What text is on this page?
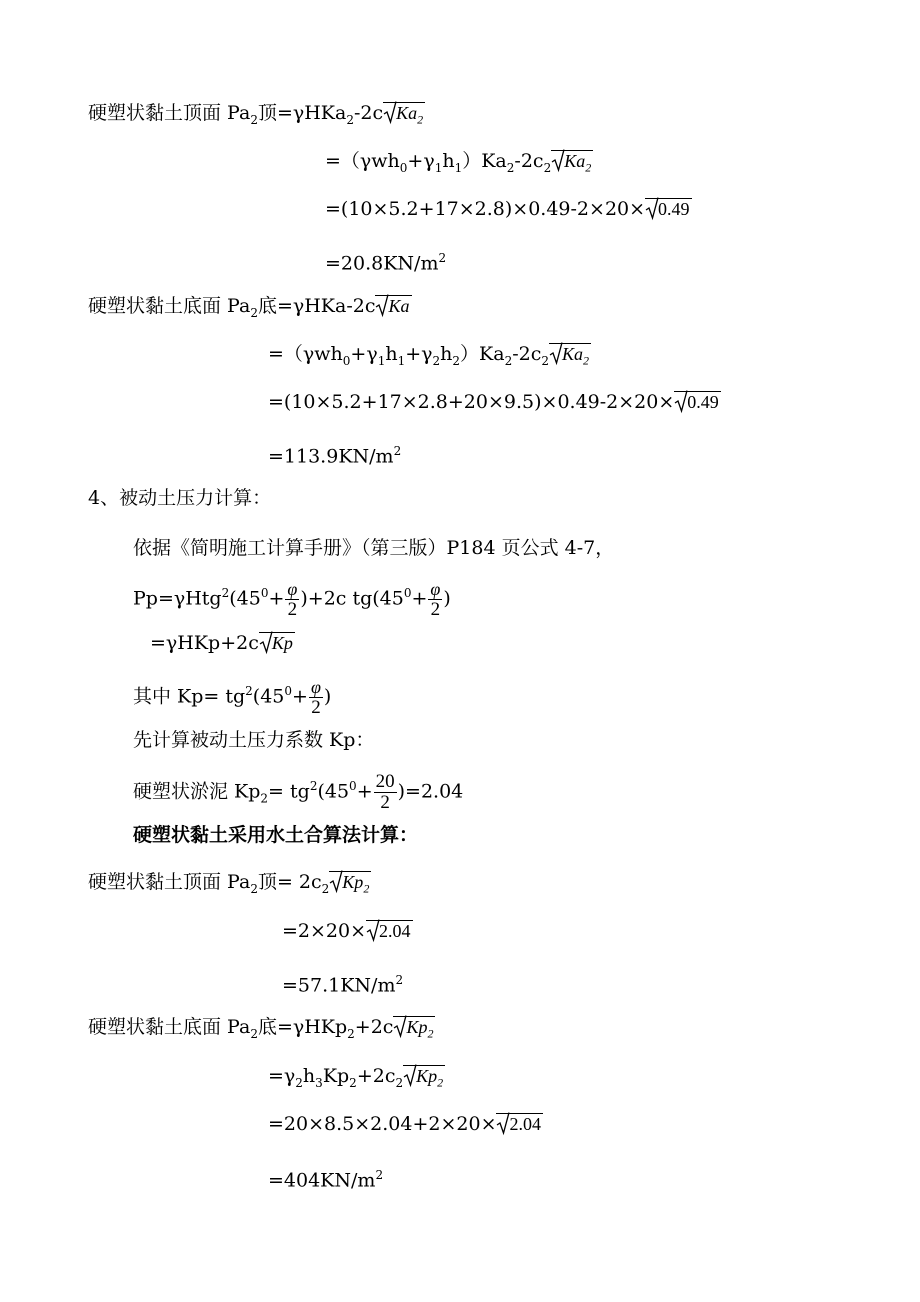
硬塑状黏土顶面 $Pa_2$顶=γHKa$_2$-2c $Ka_2$
$=(\gamma wh_0+\gamma_1h_1)Ka_2-2c_2$ $Ka_2$
=(10×5.2+17×2.8)×0.49-2×20× 0.49
$=20.8KN/m^2$
硬塑状黏土底面 $Pa_2$底=γHKa-2c Ka
$=(\gamma wh_0+\gamma_1h_1+\gamma_2h_2)Ka_2-2c_2$ $Ka_2$
=(10×5.2+17×2.8+20×9.5)×0.49-2×20× 0.49
$=113.9KN/m^2$
4、被动土压力计算：
依据《简明施工计算手册》（第三版）P184 页公式 4-7，
$Pp=\gamma Htg^2(45^0+ \frac{\varphi}{2} )+2c$ $tg(45^0+ \frac{\varphi}{2}$ )
=γHKp+2c Kp
其中 $Kp= tg^2(45^0+ \frac{\varphi}{2}$ )
先计算被动土压力系数 Kp：
硬塑状淤泥 $Kp_2= tg^2(45^0+ \frac{20}{2} )=2.04$
硬塑状黏土采用水土合算法计算：
硬塑状黏土顶面 $Pa_2$顶= $2c_2$ $Kp_2$
=2×20× 2.04
$=57.1KN/m^2$
硬塑状黏土底面 $Pa_2$底=γHKp$_2$+2c $Kp_2$
$=\gamma_2h_3Kp_2+2c_2$ $Kp_2$
=20×8.5×2.04+2×20× 2.04
$=404KN/m^2$
